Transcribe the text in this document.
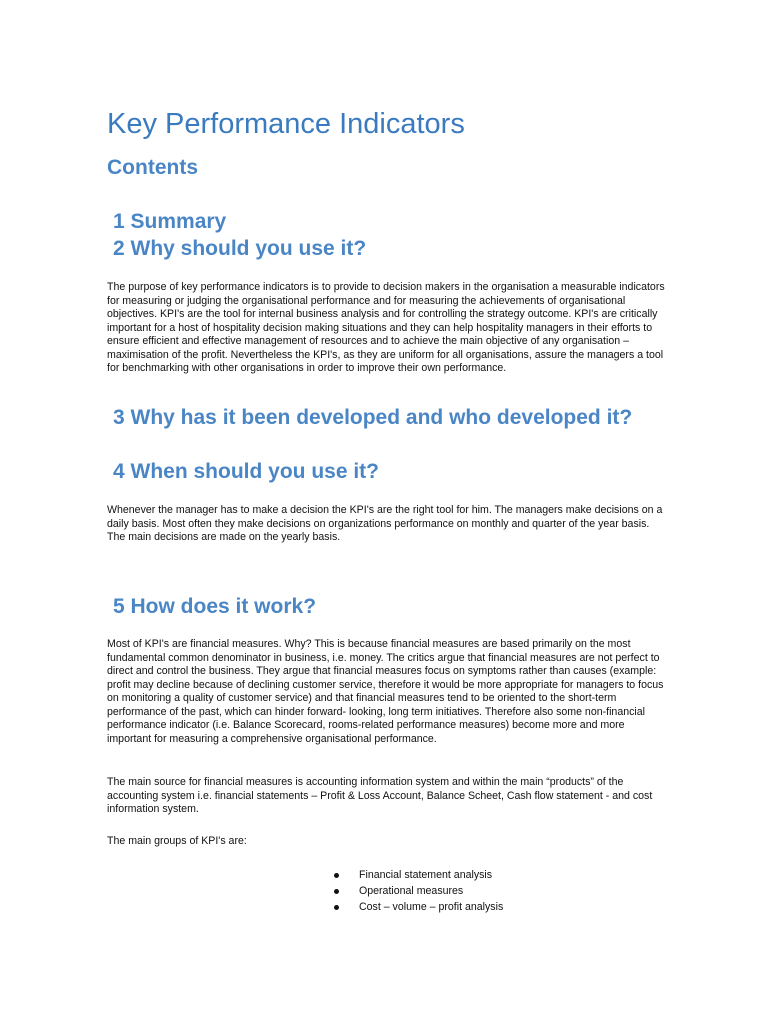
Key Performance Indicators
Contents
1 Summary
2 Why should you use it?

The purpose of key performance indicators is to provide to decision makers in the organisation a measurable indicators for measuring or judging the organisational performance and for measuring the achievements of organisational objectives. KPI's are the tool for internal business analysis and for controlling the strategy outcome. KPI's are critically important for a host of hospitality decision making situations and they can help hospitality managers in their efforts to ensure efficient and effective management of resources and to achieve the main objective of any organisation – maximisation of the profit. Nevertheless the KPI's, as they are uniform for all organisations, assure the managers a tool for benchmarking with other organisations in order to improve their own performance.

3 Why has it been developed and who developed it?
4 When should you use it?

Whenever the manager has to make a decision the KPI's are the right tool for him. The managers make decisions on a daily basis. Most often they make decisions on organizations performance on monthly and quarter of the year basis. The main decisions are made on the yearly basis.

5 How does it work?

Most of KPI's are financial measures. Why? This is because financial measures are based primarily on the most fundamental common denominator in business, i.e. money. The critics argue that financial measures are not perfect to direct and control the business. They argue that financial measures focus on symptoms rather than causes (example: profit may decline because of declining customer service, therefore it would be more appropriate for managers to focus on monitoring a quality of customer service) and that financial measures tend to be oriented to the short-term performance of the past, which can hinder forward- looking, long term initiatives. Therefore also some non-financial performance indicator (i.e. Balance Scorecard, rooms-related performance measures) become more and more important for measuring a comprehensive organisational performance.

The main source for financial measures is accounting information system and within the main “products” of the accounting system i.e. financial statements – Profit & Loss Account, Balance Scheet, Cash flow statement - and cost information system.

The main groups of KPI's are:

Financial statement analysis
Operational measures
Cost – volume – profit analysis
